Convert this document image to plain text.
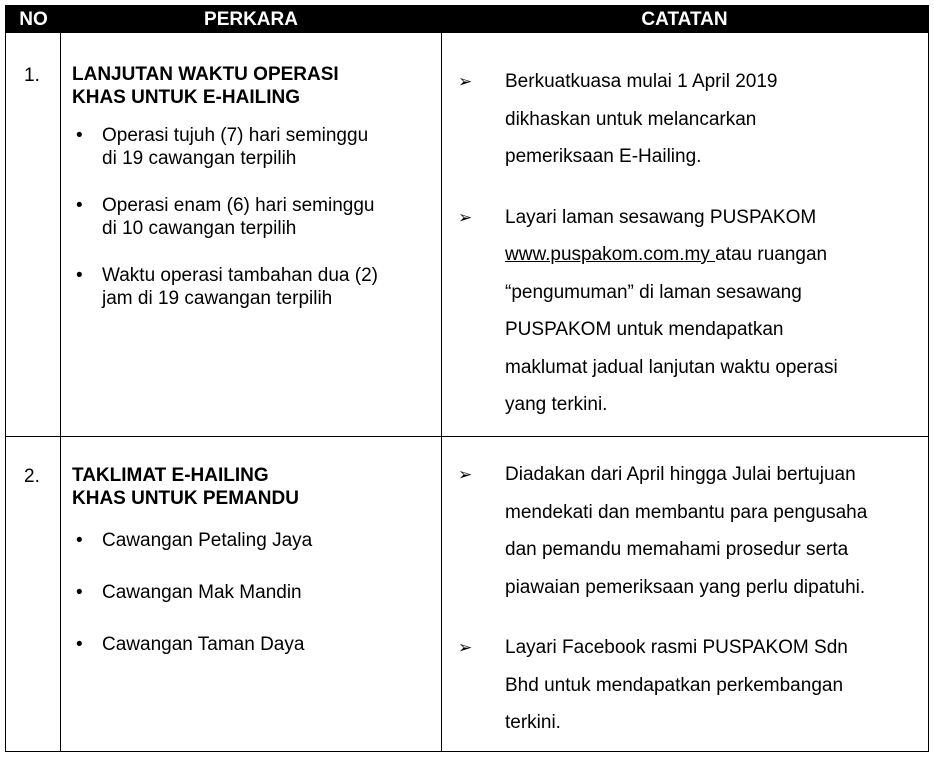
NO	PERKARA	CATATAN
1. LANJUTAN WAKTU OPERASI
KHAS UNTUK E-HAILING
• Operasi tujuh (7) hari seminggu
di 19 cawangan terpilih
• Operasi enam (6) hari seminggu
di 10 cawangan terpilih
• Waktu operasi tambahan dua (2)
jam di 19 cawangan terpilih
➢ Berkuatkuasa mulai 1 April 2019
dikhaskan untuk melancarkan
pemeriksaan E-Hailing.
➢ Layari laman sesawang PUSPAKOM
www.puspakom.com.my atau ruangan
“pengumuman” di laman sesawang
PUSPAKOM untuk mendapatkan
maklumat jadual lanjutan waktu operasi
yang terkini.
2. TAKLIMAT E-HAILING
KHAS UNTUK PEMANDU
• Cawangan Petaling Jaya
• Cawangan Mak Mandin
• Cawangan Taman Daya
➢ Diadakan dari April hingga Julai bertujuan
mendekati dan membantu para pengusaha
dan pemandu memahami prosedur serta
piawaian pemeriksaan yang perlu dipatuhi.
➢ Layari Facebook rasmi PUSPAKOM Sdn
Bhd untuk mendapatkan perkembangan
terkini.
